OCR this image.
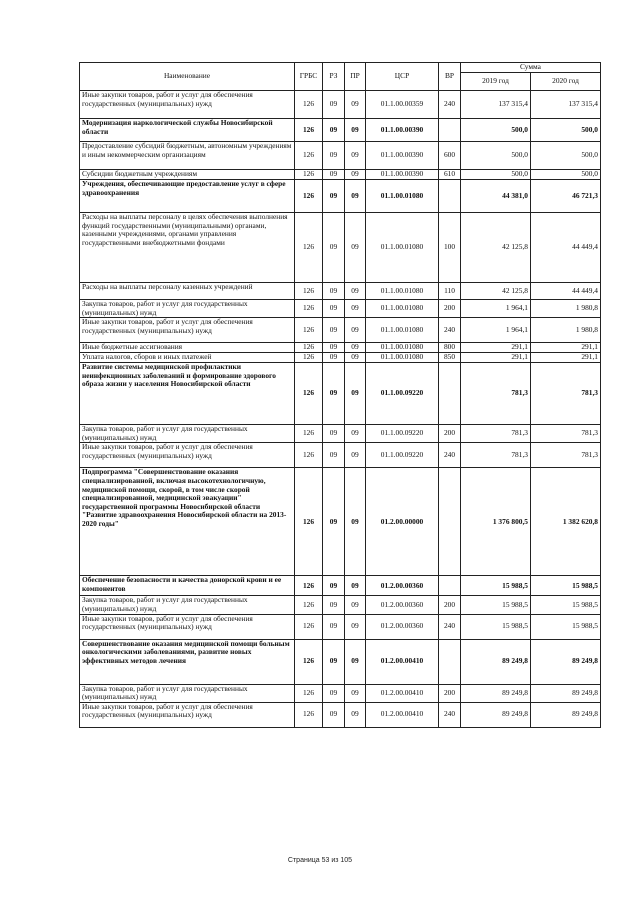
Наименование	ГРБС	РЗ	ПР	ЦСР	ВР	Сумма	
						2019 год	2020 год
Иные закупки товаров, работ и услуг для обеспечения государственных (муниципальных) нужд	126	09	09	01.1.00.00359	240	137 315,4	137 315,4
Модернизация наркологической службы Новосибирской области	126	09	09	01.1.00.00390		500,0	500,0
Предоставление субсидий бюджетным, автономным учреждениям и иным некоммерческим организациям	126	09	09	01.1.00.00390	600	500,0	500,0
Субсидии бюджетным учреждениям	126	09	09	01.1.00.00390	610	500,0	500,0
Учреждения, обеспечивающие предоставление услуг в сфере здравоохранения	126	09	09	01.1.00.01080		44 381,0	46 721,3
Расходы на выплаты персоналу в целях обеспечения выполнения функций государственными (муниципальными) органами, казенными учреждениями, органами управления государственными внебюджетными фондами	126	09	09	01.1.00.01080	100	42 125,8	44 449,4
Расходы на выплаты персоналу казенных учреждений	126	09	09	01.1.00.01080	110	42 125,8	44 449,4
Закупка товаров, работ и услуг для государственных (муниципальных) нужд	126	09	09	01.1.00.01080	200	1 964,1	1 980,8
Иные закупки товаров, работ и услуг для обеспечения государственных (муниципальных) нужд	126	09	09	01.1.00.01080	240	1 964,1	1 980,8
Иные бюджетные ассигнования	126	09	09	01.1.00.01080	800	291,1	291,1
Уплата налогов, сборов и иных платежей	126	09	09	01.1.00.01080	850	291,1	291,1
Развитие системы медицинской профилактики неинфекционных заболеваний и формирование здорового образа жизни у населения Новосибирской области	126	09	09	01.1.00.09220		781,3	781,3
Закупка товаров, работ и услуг для государственных (муниципальных) нужд	126	09	09	01.1.00.09220	200	781,3	781,3
Иные закупки товаров, работ и услуг для обеспечения государственных (муниципальных) нужд	126	09	09	01.1.00.09220	240	781,3	781,3
Подпрограмма "Совершенствование оказания специализированной, включая высокотехнологичную, медицинской помощи, скорой, в том числе скорой специализированной, медицинской эвакуации" государственной программы Новосибирской области "Развитие здравоохранения Новосибирской области на 2013-2020 годы"	126	09	09	01.2.00.00000		1 376 800,5	1 382 620,8
Обеспечение безопасности и качества донорской крови и ее компонентов	126	09	09	01.2.00.00360		15 988,5	15 988,5
Закупка товаров, работ и услуг для государственных (муниципальных) нужд	126	09	09	01.2.00.00360	200	15 988,5	15 988,5
Иные закупки товаров, работ и услуг для обеспечения государственных (муниципальных) нужд	126	09	09	01.2.00.00360	240	15 988,5	15 988,5
Совершенствование оказания медицинской помощи больным онкологическими заболеваниями, развитие новых эффективных методов лечения	126	09	09	01.2.00.00410		89 249,8	89 249,8
Закупка товаров, работ и услуг для государственных (муниципальных) нужд	126	09	09	01.2.00.00410	200	89 249,8	89 249,8
Иные закупки товаров, работ и услуг для обеспечения государственных (муниципальных) нужд	126	09	09	01.2.00.00410	240	89 249,8	89 249,8
Страница 53 из 105
